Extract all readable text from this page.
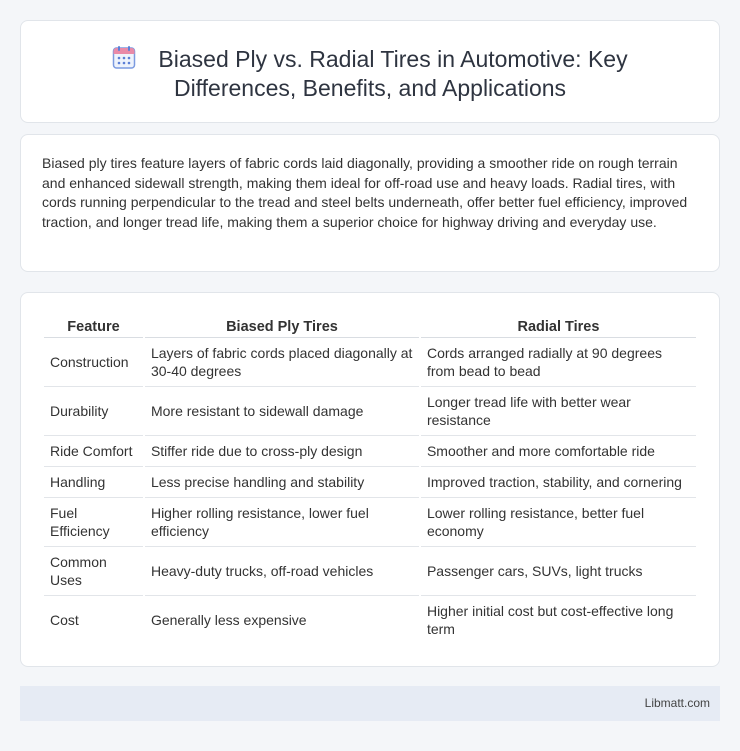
Biased Ply vs. Radial Tires in Automotive: Key
Differences, Benefits, and Applications

Biased ply tires feature layers of fabric cords laid diagonally, providing a smoother ride on rough terrain and enhanced sidewall strength, making them ideal for off-road use and heavy loads. Radial tires, with cords running perpendicular to the tread and steel belts underneath, offer better fuel efficiency, improved traction, and longer tread life, making them a superior choice for highway driving and everyday use.

Feature	Biased Ply Tires	Radial Tires
Construction	Layers of fabric cords placed diagonally at 30-40 degrees	Cords arranged radially at 90 degrees from bead to bead
Durability	More resistant to sidewall damage	Longer tread life with better wear resistance
Ride Comfort	Stiffer ride due to cross-ply design	Smoother and more comfortable ride
Handling	Less precise handling and stability	Improved traction, stability, and cornering
Fuel Efficiency	Higher rolling resistance, lower fuel efficiency	Lower rolling resistance, better fuel economy
Common Uses	Heavy-duty trucks, off-road vehicles	Passenger cars, SUVs, light trucks
Cost	Generally less expensive	Higher initial cost but cost-effective long term
Libmatt.com
